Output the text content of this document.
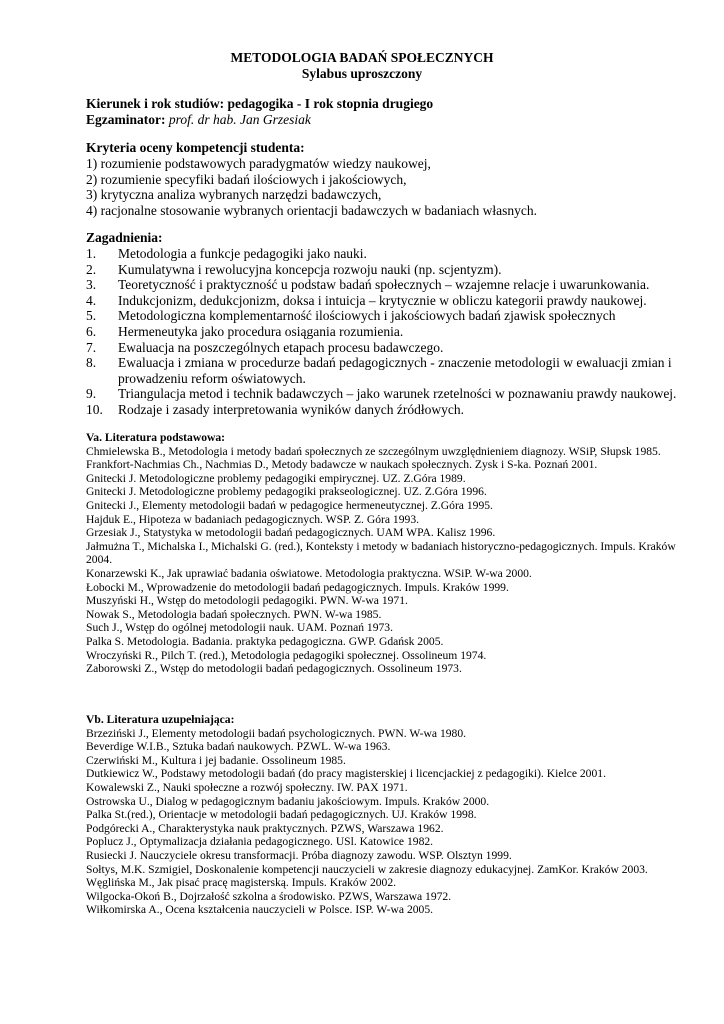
METODOLOGIA BADAŃ SPOŁECZNYCH
Sylabus uproszczony
Kierunek i rok studiów: pedagogika - I rok stopnia drugiego
Egzaminator: prof. dr hab. Jan Grzesiak
Kryteria oceny kompetencji studenta:
1) rozumienie podstawowych paradygmatów wiedzy naukowej,
2) rozumienie specyfiki badań ilościowych i jakościowych,
3) krytyczna analiza wybranych narzędzi badawczych,
4) racjonalne stosowanie wybranych orientacji badawczych w badaniach własnych.
Zagadnienia:
1. Metodologia a funkcje pedagogiki jako nauki.
2. Kumulatywna i rewolucyjna koncepcja rozwoju nauki (np. scjentyzm).
3. Teoretyczność i praktyczność u podstaw badań społecznych – wzajemne relacje i uwarunkowania.
4. Indukcjonizm, dedukcjonizm, doksa i intuicja – krytycznie w obliczu kategorii prawdy naukowej.
5. Metodologiczna komplementarność ilościowych i jakościowych badań zjawisk społecznych
6. Hermeneutyka jako procedura osiągania rozumienia.
7. Ewaluacja na poszczególnych etapach procesu badawczego.
8. Ewaluacja i zmiana w procedurze badań pedagogicznych - znaczenie metodologii w ewaluacji zmian i prowadzeniu reform oświatowych.
9. Triangulacja metod i technik badawczych – jako warunek rzetelności w poznawaniu prawdy naukowej.
10. Rodzaje i zasady interpretowania wyników danych źródłowych.
Va. Literatura podstawowa:
Chmielewska B., Metodologia i metody badań społecznych ze szczególnym uwzględnieniem diagnozy. WSiP, Słupsk 1985.
Frankfort-Nachmias Ch., Nachmias D., Metody badawcze w naukach społecznych. Zysk i S-ka. Poznań 2001.
Gnitecki J. Metodologiczne problemy pedagogiki empirycznej. UZ. Z.Góra 1989.
Gnitecki J. Metodologiczne problemy pedagogiki prakseologicznej. UZ. Z.Góra 1996.
Gnitecki J., Elementy metodologii badań w pedagogice hermeneutycznej. Z.Góra 1995.
Hajduk E., Hipoteza w badaniach pedagogicznych. WSP. Z. Góra 1993.
Grzesiak J., Statystyka w metodologii badań pedagogicznych. UAM WPA. Kalisz 1996.
Jałmużna T., Michalska I., Michalski G. (red.), Konteksty i metody w badaniach historyczno-pedagogicznych. Impuls. Kraków 2004.
Konarzewski K., Jak uprawiać badania oświatowe. Metodologia praktyczna. WSiP. W-wa 2000.
Łobocki M., Wprowadzenie do metodologii badań pedagogicznych. Impuls. Kraków 1999.
Muszyński H., Wstęp do metodologii pedagogiki. PWN. W-wa 1971.
Nowak S., Metodologia badań społecznych. PWN. W-wa 1985.
Such J., Wstęp do ogólnej metodologii nauk. UAM. Poznań 1973.
Palka S. Metodologia. Badania. praktyka pedagogiczna. GWP. Gdańsk 2005.
Wroczyński R., Pilch T. (red.), Metodologia pedagogiki społecznej. Ossolineum 1974.
Zaborowski Z., Wstęp do metodologii badań pedagogicznych. Ossolineum 1973.
Vb. Literatura uzupełniająca:
Brzeziński J., Elementy metodologii badań psychologicznych. PWN. W-wa 1980.
Beverdige W.I.B., Sztuka badań naukowych. PZWL. W-wa 1963.
Czerwiński M., Kultura i jej badanie. Ossolineum 1985.
Dutkiewicz W., Podstawy metodologii badań (do pracy magisterskiej i licencjackiej z pedagogiki). Kielce 2001.
Kowalewski Z., Nauki społeczne a rozwój społeczny. IW. PAX 1971.
Ostrowska U., Dialog w pedagogicznym badaniu jakościowym. Impuls. Kraków 2000.
Palka St.(red.), Orientacje w metodologii badań pedagogicznych. UJ. Kraków 1998.
Podgórecki A., Charakterystyka nauk praktycznych. PZWS, Warszawa 1962.
Poplucz J., Optymalizacja działania pedagogicznego. USl. Katowice 1982.
Rusiecki J. Nauczyciele okresu transformacji. Próba diagnozy zawodu. WSP. Olsztyn 1999.
Sołtys, M.K. Szmigiel, Doskonalenie kompetencji nauczycieli w zakresie diagnozy edukacyjnej. ZamKor. Kraków 2003.
Węglińska M., Jak pisać pracę magisterską. Impuls. Kraków 2002.
Wilgocka-Okoń B., Dojrzałość szkolna a środowisko. PZWS, Warszawa 1972.
Wiłkomirska A., Ocena kształcenia nauczycieli w Polsce. ISP. W-wa 2005.
